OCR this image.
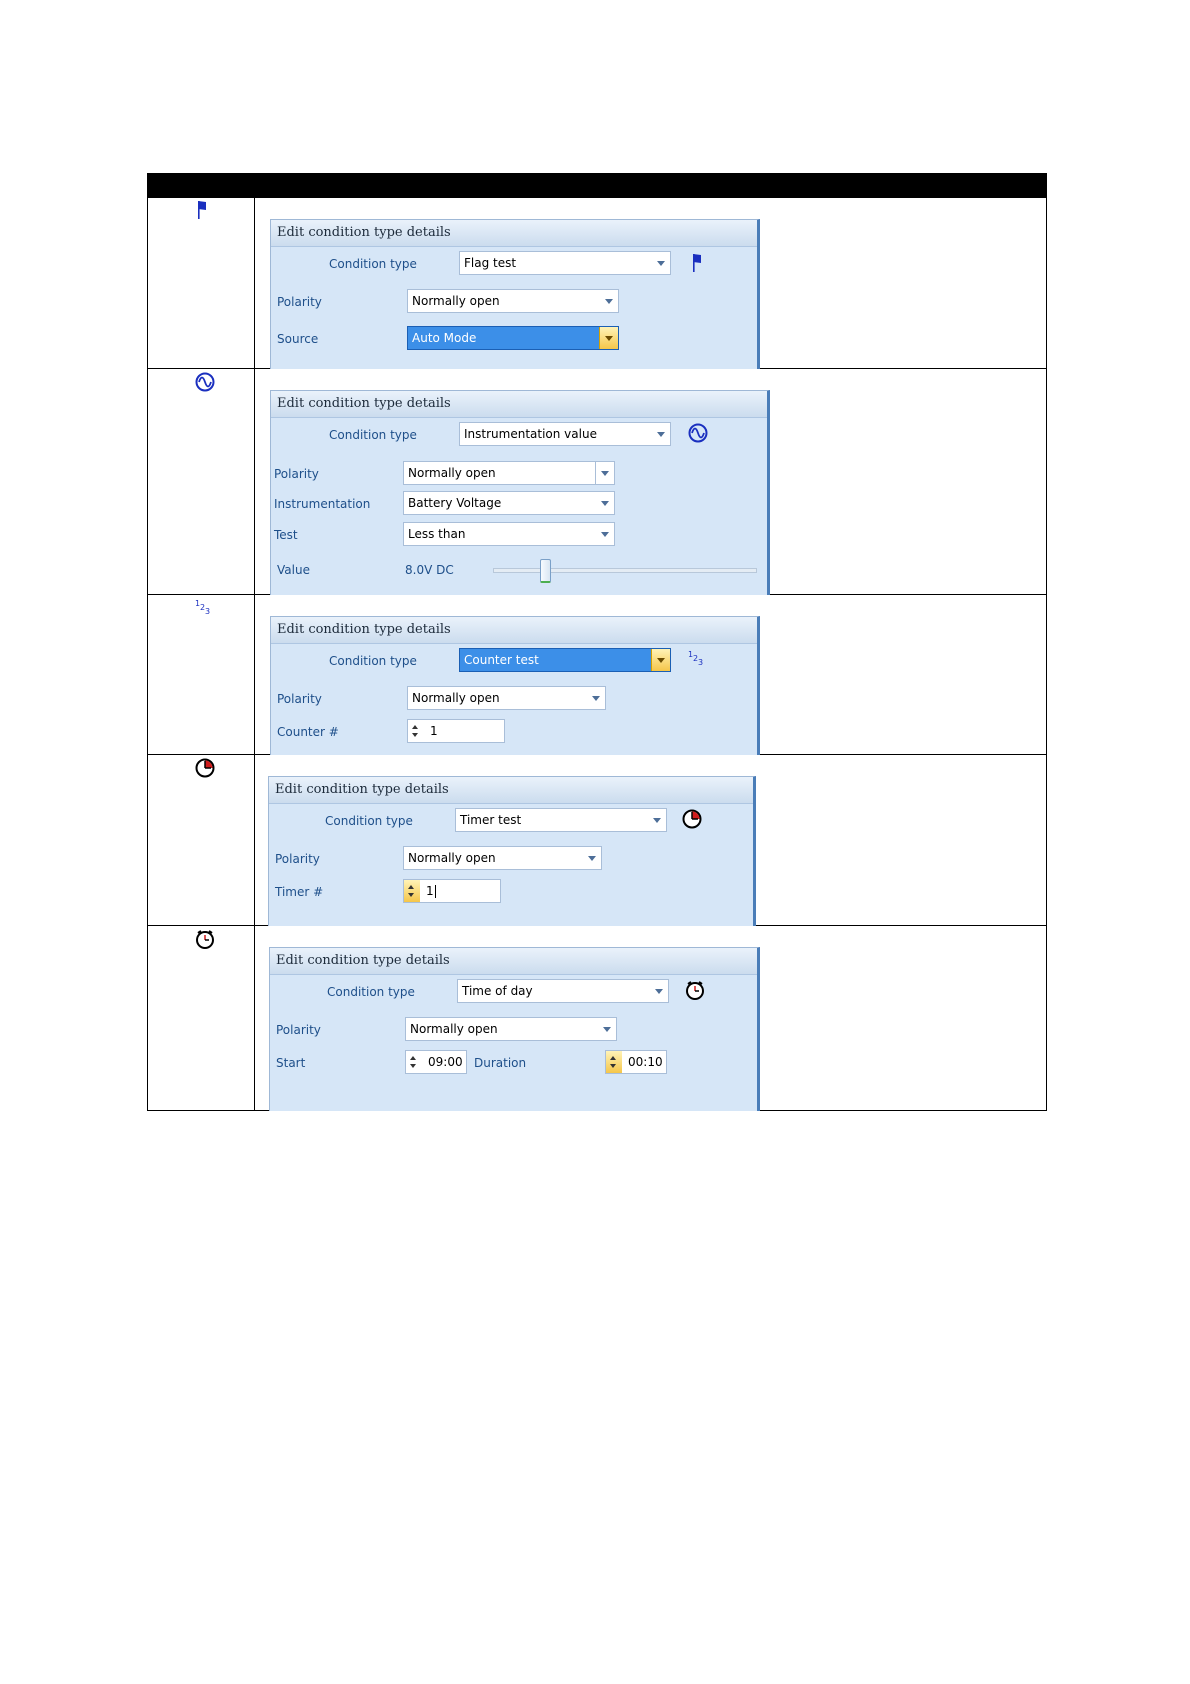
Edit condition type details
Condition type	Flag test
Polarity	Normally open
Source	Auto Mode
Edit condition type details
Condition type	Instrumentation value
Polarity	Normally open
Instrumentation	Battery Voltage
Test	Less than
Value	8.0V DC
1 2 3
Edit condition type details
Condition type	Counter test	1 2 3
Polarity	Normally open
Counter #	1
Edit condition type details
Condition type	Timer test
Polarity	Normally open
Timer #	1
Edit condition type details
Condition type	Time of day
Polarity	Normally open
Start	09:00 Duration	00:10
